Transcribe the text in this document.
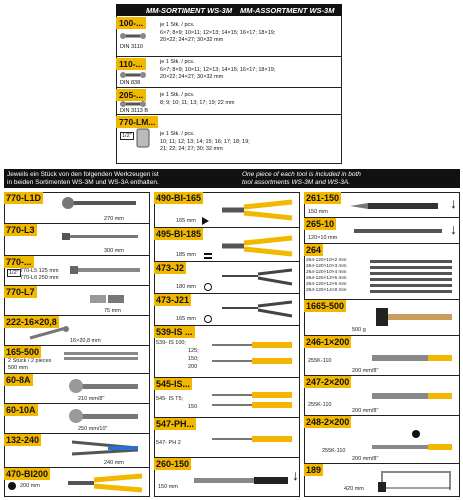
MM-SORTIMENT WS-3M MM-ASSORTMENT WS-3M
100-...
DIN 3110
je 1 Stk. / pcs.
6×7; 8×9; 10×11; 12×13; 14×15; 16×17; 18×19;
20×22; 24×27; 30×32 mm
110-...
DIN 838
je 1 Stk. / pcs.
6×7; 8×9; 10×11; 12×13; 14×15; 16×17; 18×19;
20×22; 24×27; 30×32 mm
205-...
DIN 3113 B
je 1 Stk. / pcs.
8; 9; 10; 11; 13; 17; 19; 22 mm
770-LM...
1/2"	je 1 Stk. / pcs.
10; 11; 12; 13; 14; 15; 16; 17; 18; 19;
21; 22; 24; 27; 30; 32 mm
Jeweils ein Stück von den folgenden Werkzeugen ist
in beiden Sortimenten WS-3M und WS-3A enthalten.
One piece of each tool is included in both
tool assortments WS-3M and WS-3A.
770-L1D
270 mm
770-L3
300 mm
770-...
1/2" 770-L5 125 mm
770-L6 250 mm
770-L7
75 mm
222-16×20,8
16×20,8 mm
165-500
2 Stück / 2 pieces
500 mm
60-8A
210 mm/8"
60-10A
250 mm/10"
132-240
240 mm
470-BI200
200 mm
490-BI-165
165 mm
495-BI-185
185 mm
473-J2
180 mm
473-J21
165 mm
539-IS ...
539- IS 100;
125;
150;
200
545-IS...
545- IS T5;
150
547-PH...
547- PH 2
260-150
150 mm
↓
261-150
150 mm
↓
265-10
120×10 mm
↓
264
264-120×10×2 mm
264-120×10×3 mm
264-120×10×4 mm
264-120×12×5 mm
264-120×12×6 mm
264-120×14×8 mm
1665-500
500 g
246-1×200
255K-110
200 mm/8"
247-2×200
255K-110
200 mm/8"
248-2×200
255K-110
200 mm/8"
189
420 mm
